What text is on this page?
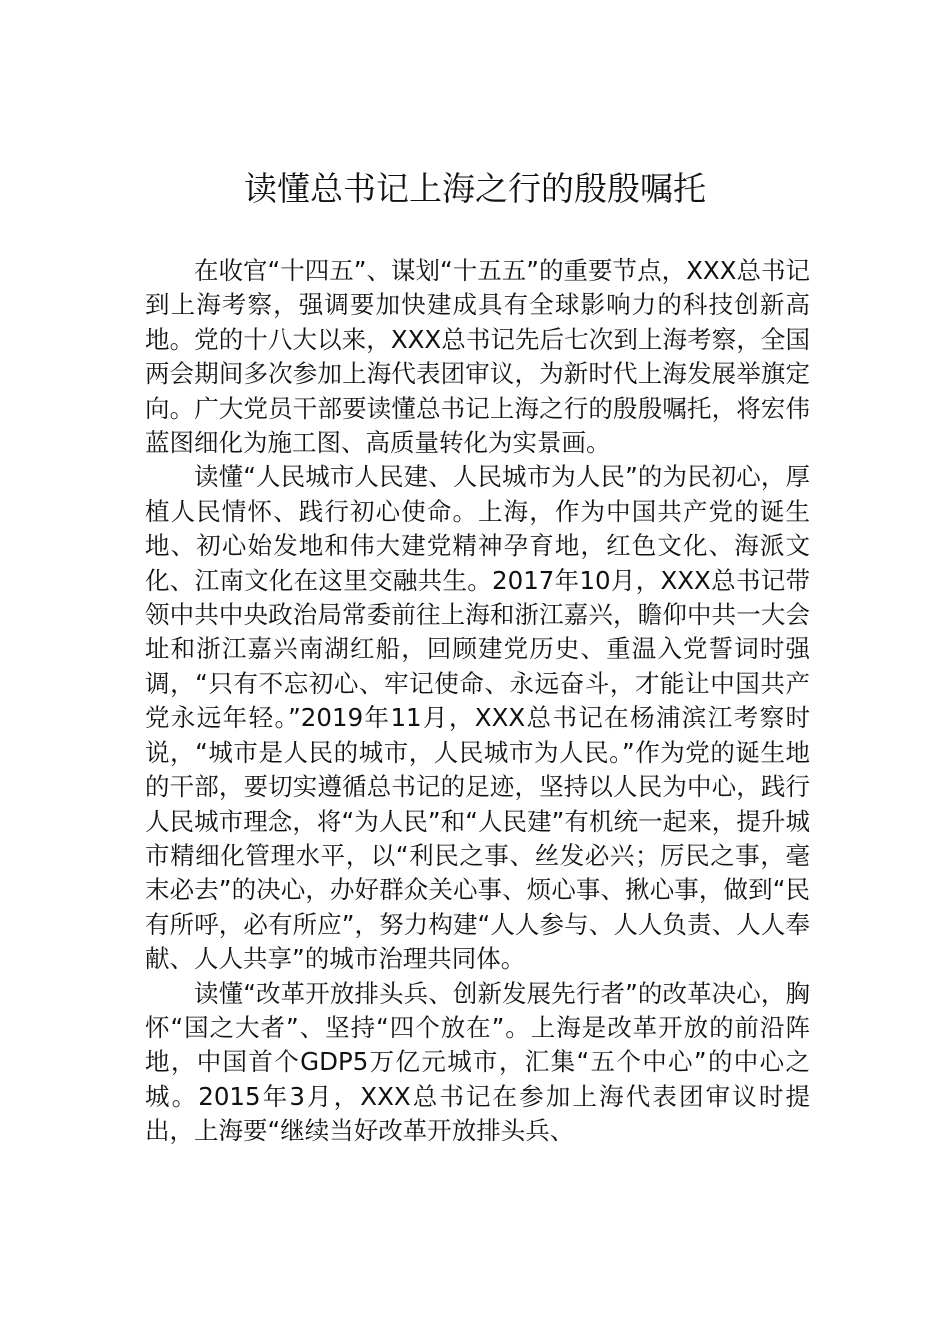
读懂总书记上海之行的殷殷嘱托

在收官“十四五”、谋划“十五五”的重要节点，XXX总书记到上海考察，强调要加快建成具有全球影响力的科技创新高地。党的十八大以来，XXX总书记先后七次到上海考察，全国两会期间多次参加上海代表团审议，为新时代上海发展举旗定向。广大党员干部要读懂总书记上海之行的殷殷嘱托，将宏伟蓝图细化为施工图、高质量转化为实景画。

读懂“人民城市人民建、人民城市为人民”的为民初心，厚植人民情怀、践行初心使命。上海，作为中国共产党的诞生地、初心始发地和伟大建党精神孕育地，红色文化、海派文化、江南文化在这里交融共生。2017年10月，XXX总书记带领中共中央政治局常委前往上海和浙江嘉兴，瞻仰中共一大会址和浙江嘉兴南湖红船，回顾建党历史、重温入党誓词时强调，“只有不忘初心、牢记使命、永远奋斗，才能让中国共产党永远年轻。”2019年11月，XXX总书记在杨浦滨江考察时说，“城市是人民的城市，人民城市为人民。”作为党的诞生地的干部，要切实遵循总书记的足迹，坚持以人民为中心，践行人民城市理念，将“为人民”和“人民建”有机统一起来，提升城市精细化管理水平，以“利民之事、丝发必兴；厉民之事，毫末必去”的决心，办好群众关心事、烦心事、揪心事，做到“民有所呼，必有所应”，努力构建“人人参与、人人负责、人人奉献、人人共享”的城市治理共同体。

读懂“改革开放排头兵、创新发展先行者”的改革决心，胸怀“国之大者”、坚持“四个放在”。上海是改革开放的前沿阵地，中国首个GDP5万亿元城市，汇集“五个中心”的中心之城。2015年3月，XXX总书记在参加上海代表团审议时提出，上海要“继续当好改革开放排头兵、
